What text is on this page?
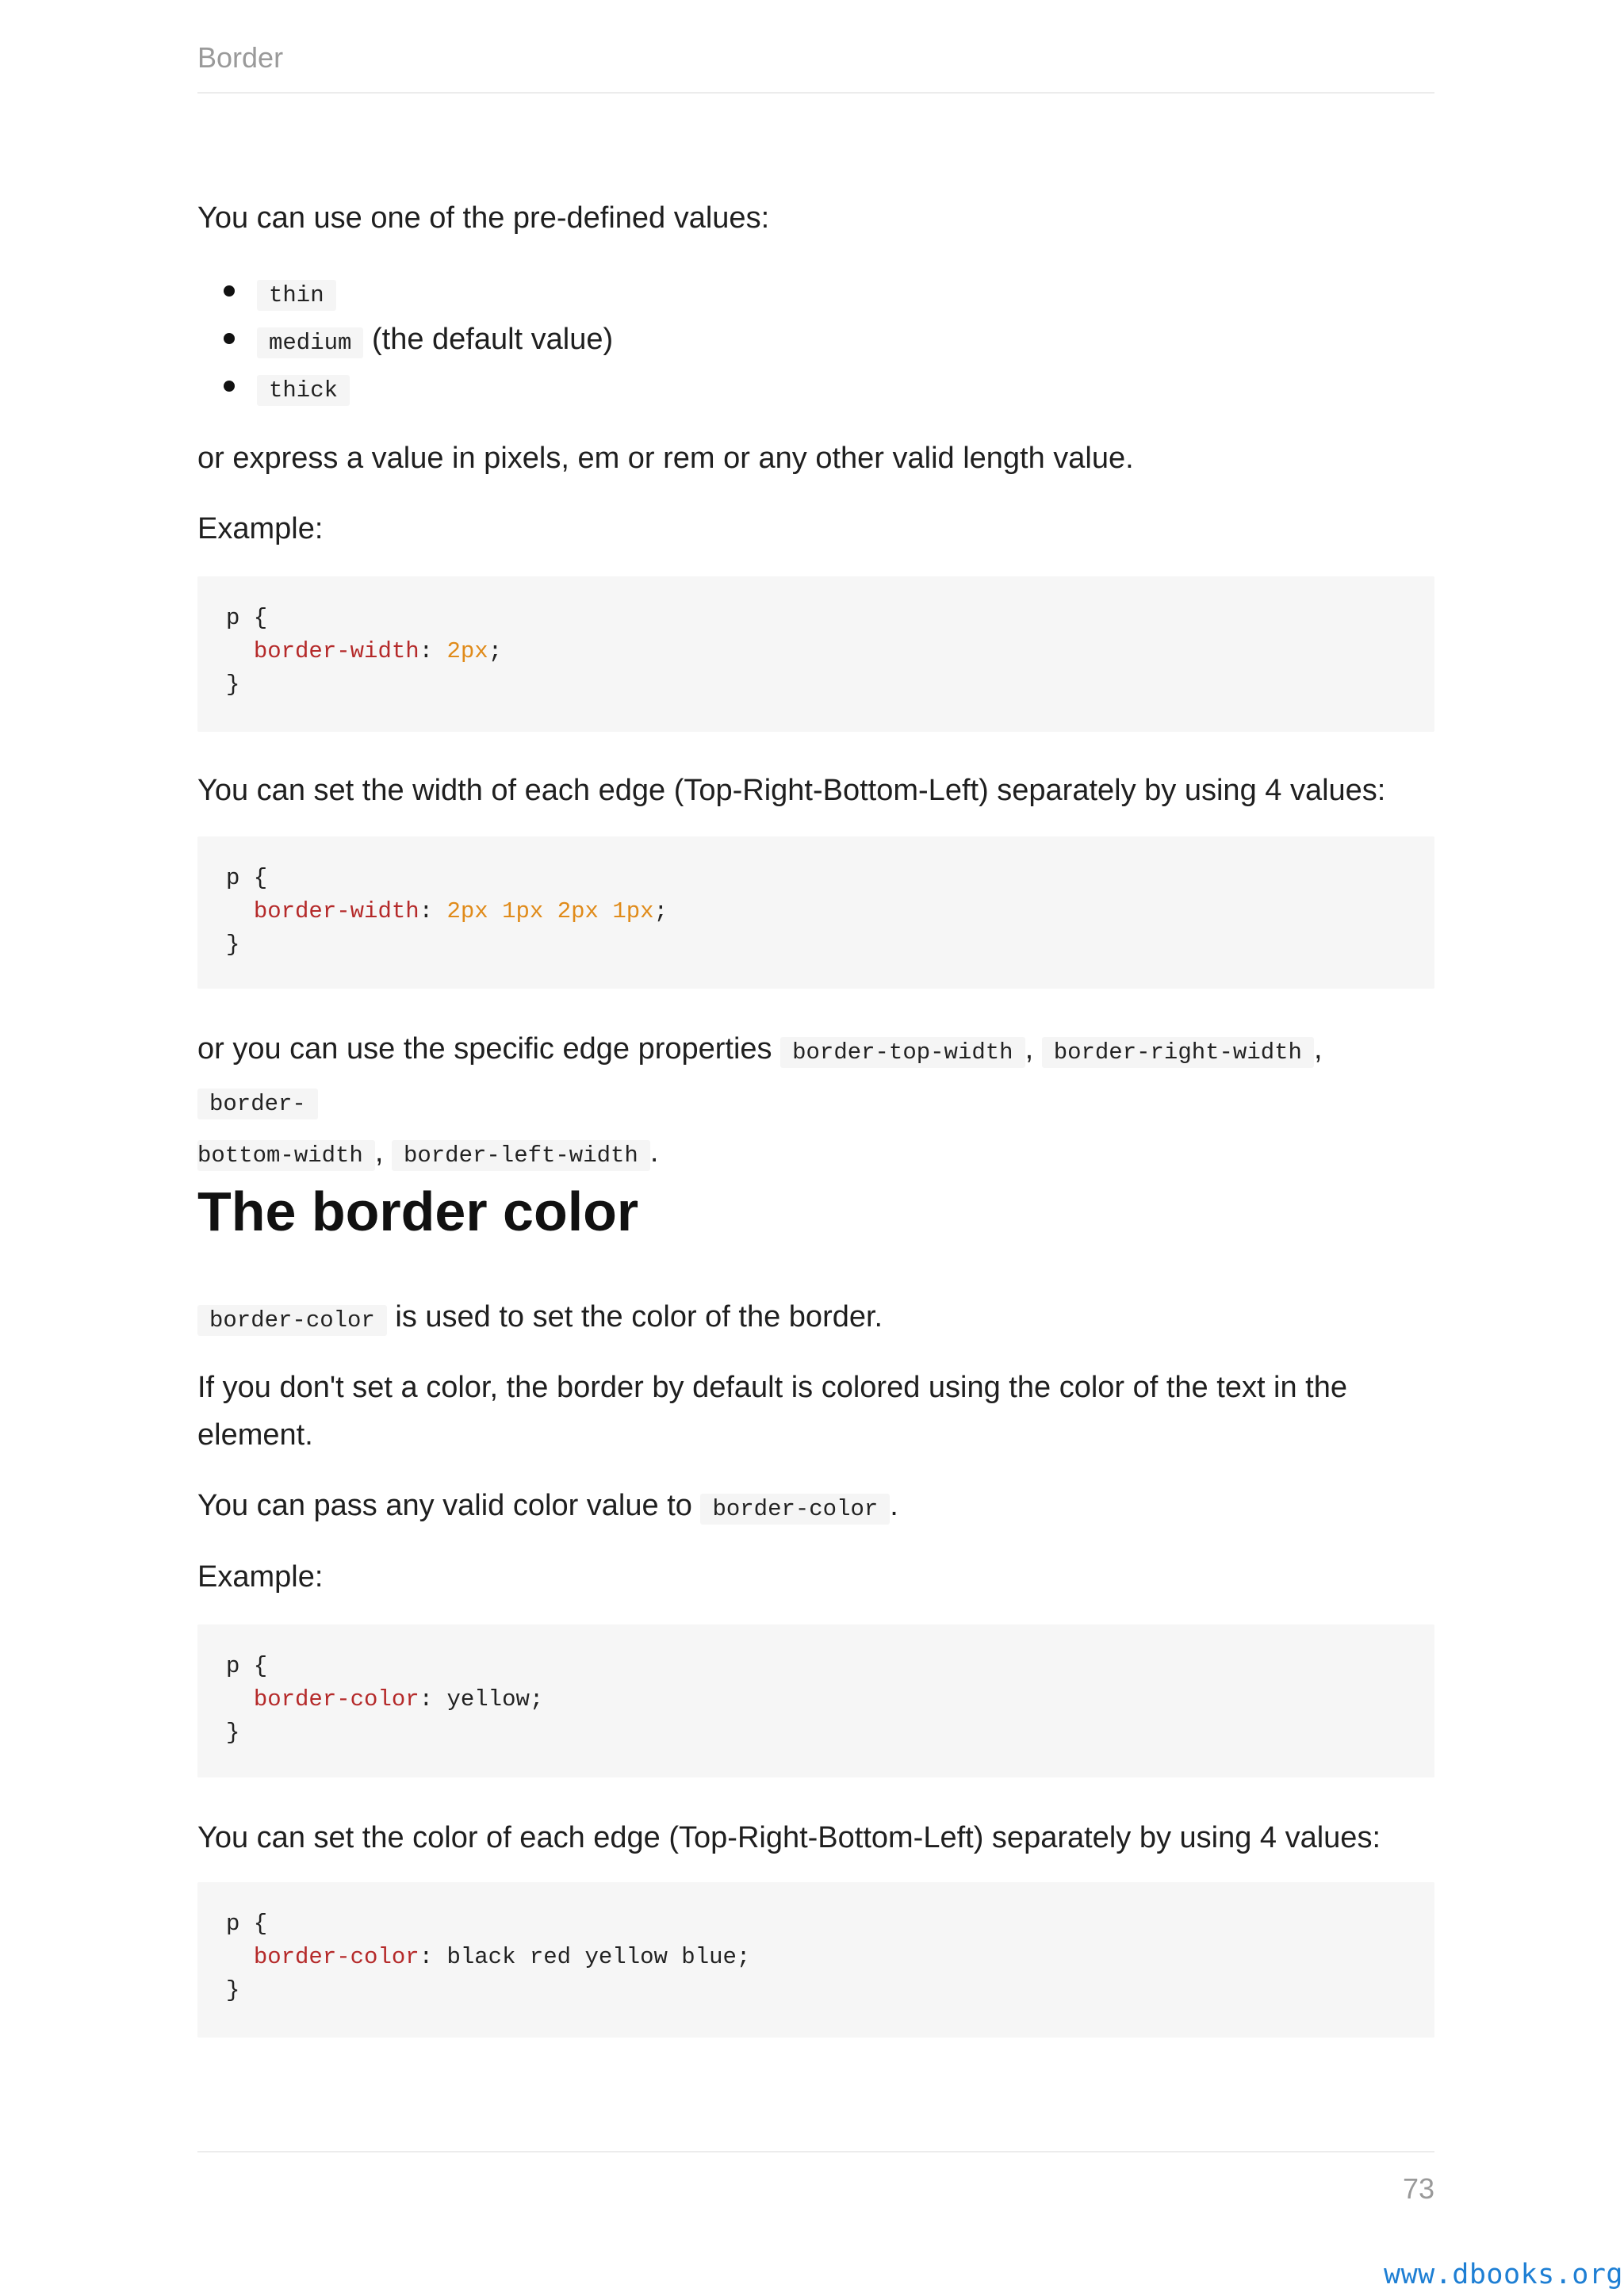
Border

You can use one of the pre-defined values:

thin
medium (the default value)
thick

or express a value in pixels, em or rem or any other valid length value.

Example:

p {
border-width: 2px;
}

You can set the width of each edge (Top-Right-Bottom-Left) separately by using 4 values:

p {
border-width: 2px 1px 2px 1px;
}

or you can use the specific edge properties border-top-width , border-right-width , border-
bottom-width , border-left-width .

The border color

border-color is used to set the color of the border.

If you don't set a color, the border by default is colored using the color of the text in the element.

You can pass any valid color value to border-color .

Example:

p {
border-color: yellow;
}

You can set the color of each edge (Top-Right-Bottom-Left) separately by using 4 values:

p {
border-color: black red yellow blue;
}
73
www.dbooks.org
